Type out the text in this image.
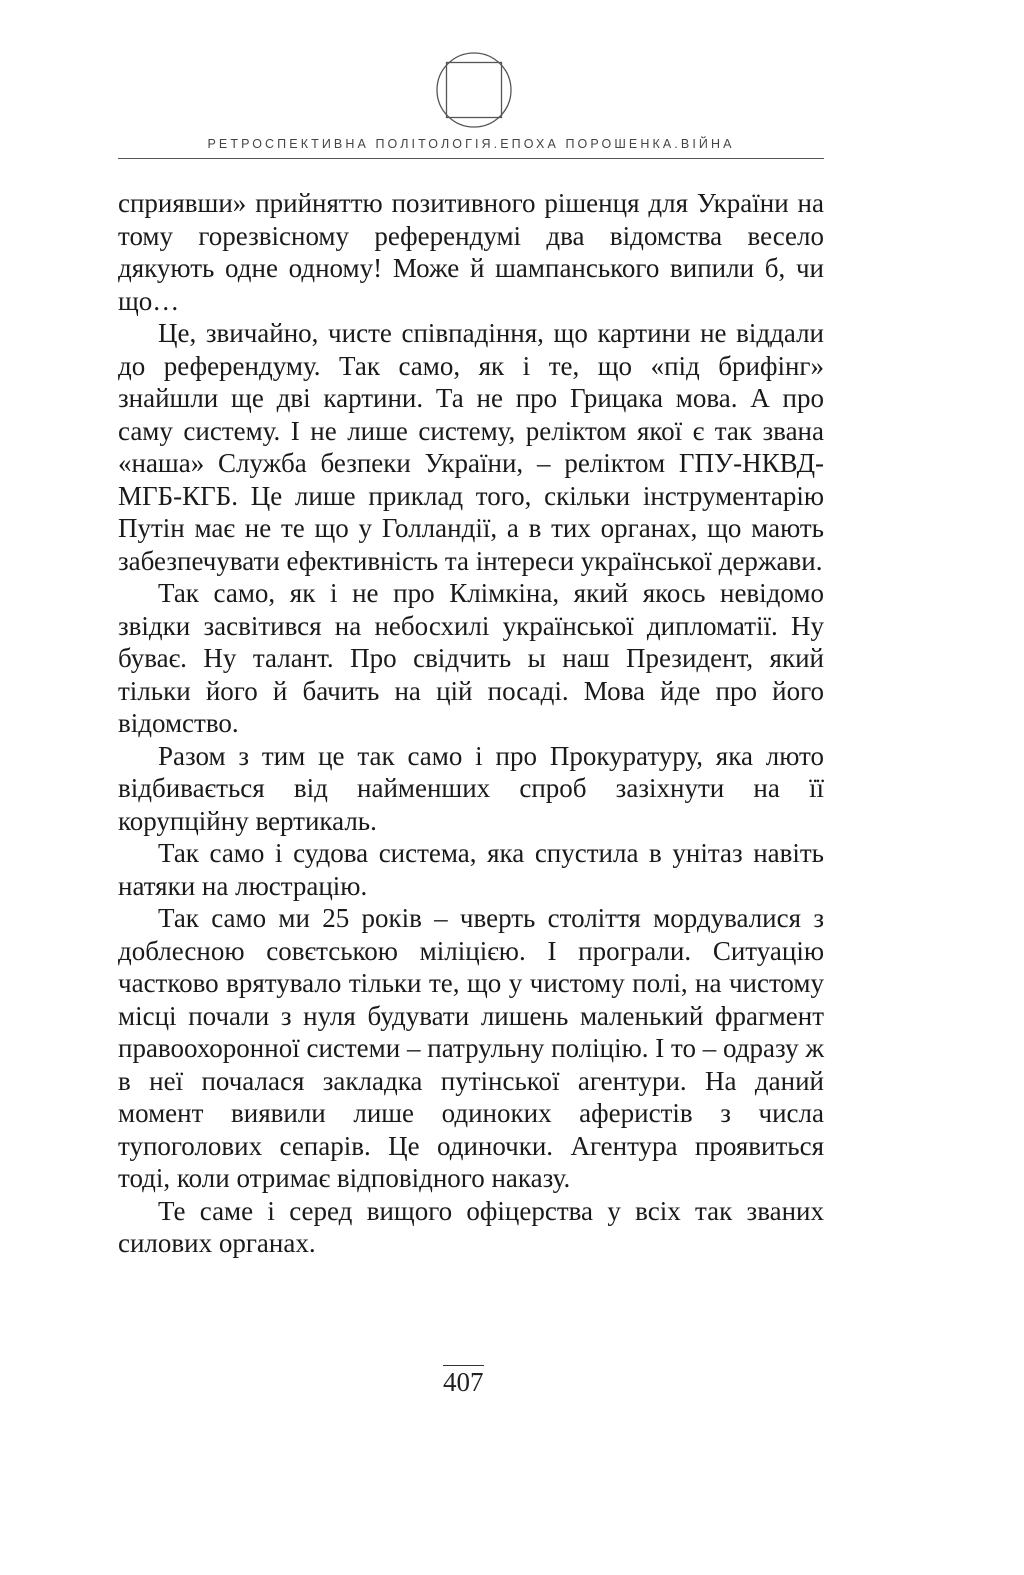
РЕТРОСПЕКТИВНА ПОЛІТОЛОГІЯ.ЕПОХА ПОРОШЕНКА.ВІЙНА

сприявши» прийняттю позитивного рішенця для України на тому горезвісному референдумі два відомства весело дякують одне одному! Може й шампанського випили б, чи що…

Це, звичайно, чисте співпадіння, що картини не віддали до референдуму. Так само, як і те, що «під брифінг» знайшли ще дві картини. Та не про Грицака мова. А про саму систему. І не лише систему, реліктом якої є так звана «наша» Служба безпеки України, – реліктом ГПУ-НКВД-МГБ-КГБ. Це лише приклад того, скільки інструментарію Путін має не те що у Голландії, а в тих органах, що мають забезпечувати ефективність та інтереси української держави.

Так само, як і не про Клімкіна, який якось невідомо звідки засвітився на небосхилі української дипломатії. Ну буває. Ну талант. Про свідчить ы наш Президент, який тільки його й бачить на цій посаді. Мова йде про його відомство.

Разом з тим це так само і про Прокуратуру, яка люто відбивається від найменших спроб зазіхнути на її корупційну вертикаль.

Так само і судова система, яка спустила в унітаз навіть натяки на люстрацію.

Так само ми 25 років – чверть століття мордувалися з доблесною совєтською міліцією. І програли. Ситуацію частково врятувало тільки те, що у чистому полі, на чистому місці почали з нуля будувати лишень маленький фрагмент правоохоронної системи – патрульну поліцію. І то – одразу ж в неї почалася закладка путінської агентури. На даний момент виявили лише одиноких аферистів з числа тупоголових сепарів. Це одиночки. Агентура проявиться тоді, коли отримає відповідного наказу.

Те саме і серед вищого офіцерства у всіх так званих силових органах.

407
